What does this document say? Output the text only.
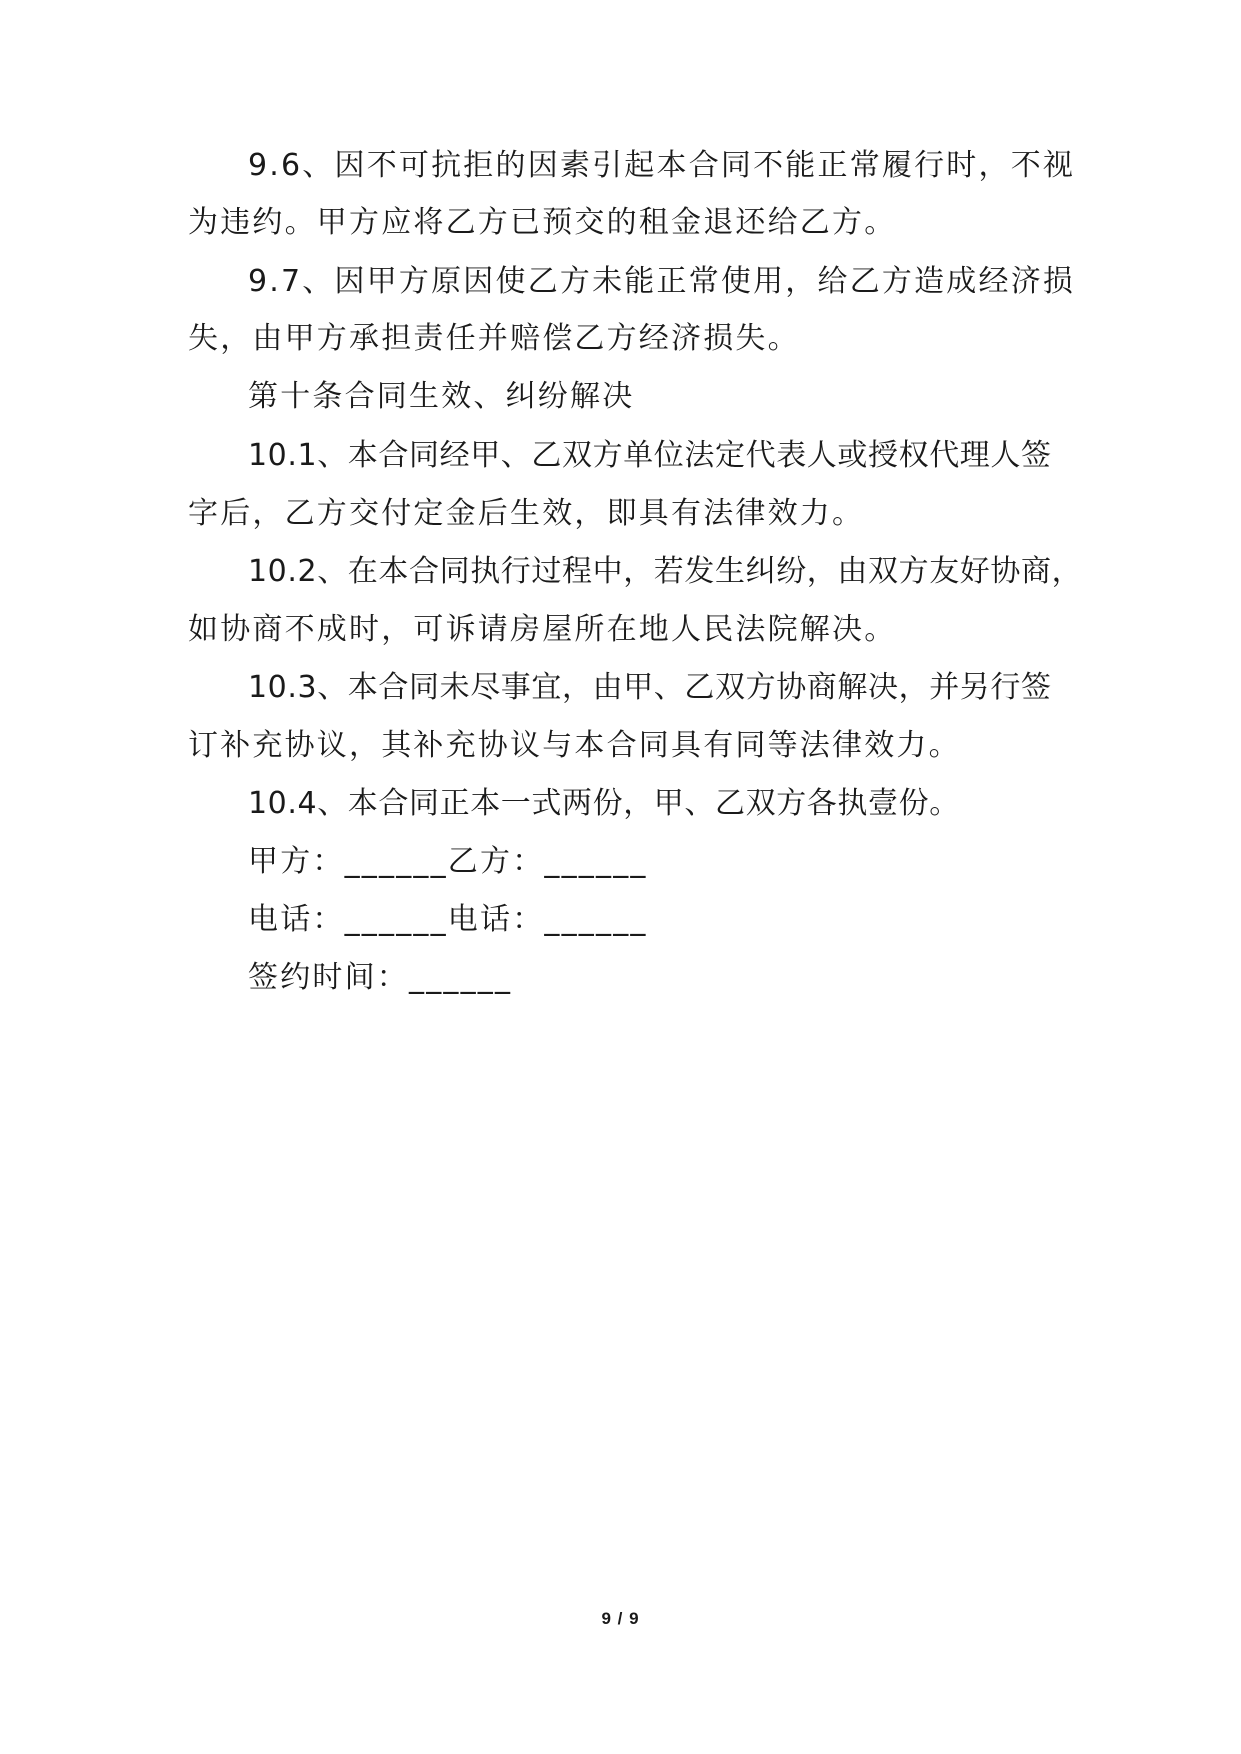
9.6、因不可抗拒的因素引起本合同不能正常履行时，不视
为违约。甲方应将乙方已预交的租金退还给乙方。
9.7、因甲方原因使乙方未能正常使用，给乙方造成经济损
失，由甲方承担责任并赔偿乙方经济损失。
第十条合同生效、纠纷解决
10.1、本合同经甲、乙双方单位法定代表人或授权代理人签
字后，乙方交付定金后生效，即具有法律效力。
10.2、在本合同执行过程中，若发生纠纷，由双方友好协商，
如协商不成时，可诉请房屋所在地人民法院解决。
10.3、本合同未尽事宜，由甲、乙双方协商解决，并另行签
订补充协议，其补充协议与本合同具有同等法律效力。
10.4、本合同正本一式两份，甲、乙双方各执壹份。
甲方：______乙方：______
电话：______电话：______
签约时间：______
9 / 9
